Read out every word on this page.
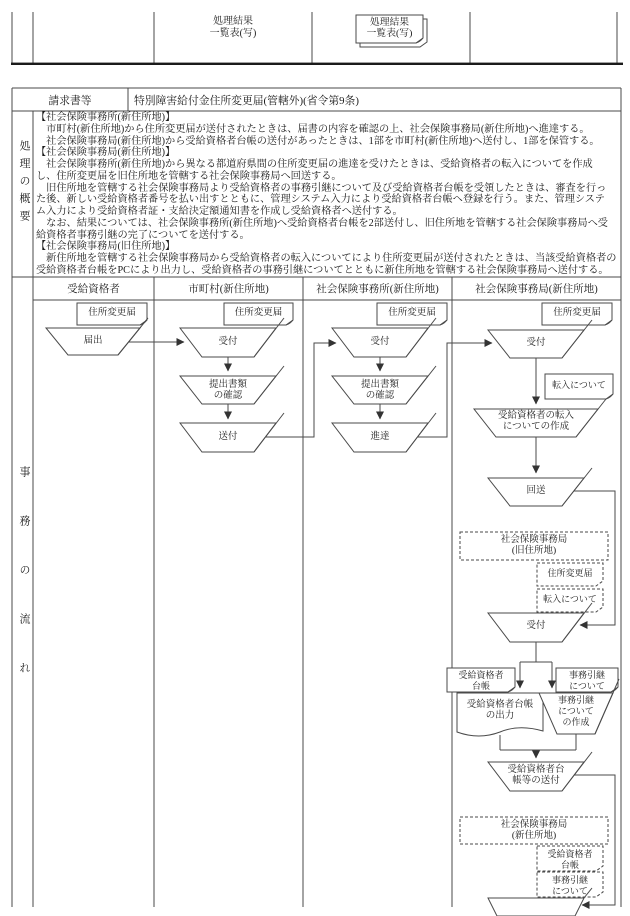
処理結果
一覧表(写)
処理結果
一覧表(写)
請求書等	特別障害給付金住所変更届(管轄外)(省令第9条)
処理の概要
【社会保険事務所(新住所地)】
　市町村(新住所地)から住所変更届が送付されたときは、届書の内容を確認の上、社会保険事務局(新住所地)へ進達する。
　社会保険事務局(新住所地)から受給資格者台帳の送付があったときは、1部を市町村(新住所地)へ送付し、1部を保管する。
【社会保険事務局(新住所地)】
　社会保険事務所(新住所地)から異なる都道府県間の住所変更届の進達を受けたときは、受給資格者の転入についてを作成
し、住所変更届を旧住所地を管轄する社会保険事務局へ回送する。
　旧住所地を管轄する社会保険事務局より受給資格者の事務引継について及び受給資格者台帳を受領したときは、審査を行っ
た後、新しい受給資格者番号を払い出すとともに、管理システム入力により受給資格者台帳へ登録を行う。また、管理システ
ム入力により受給資格者証・支給決定額通知書を作成し受給資格者へ送付する。
　なお、結果については、社会保険事務所(新住所地)へ受給資格者台帳を2部送付し、旧住所地を管轄する社会保険事務局へ受
給資格者事務引継の完了についてを送付する。
【社会保険事務局(旧住所地)】
　新住所地を管轄する社会保険事務局から受給資格者の転入についてにより住所変更届が送付されたときは、当該受給資格者の
受給資格者台帳をPCにより出力し、受給資格者の事務引継についてとともに新住所地を管轄する社会保険事務局へ送付する。
事務の流れ
受給資格者	市町村(新住所地)	社会保険事務所(新住所地)	社会保険事務局(新住所地)
住所変更届
届出
住所変更届
受付
提出書類
の確認
送付
住所変更届
受付
提出書類
の確認
進達
住所変更届
受付
転入について
受給資格者の転入
についての作成
回送
社会保険事務局
(旧住所地)
住所変更届
転入について
受付
受給資格者
台帳
事務引継
について
受給資格者台帳
の出力
事務引継
について
の作成
受給資格者台
帳等の送付
社会保険事務局
(新住所地)
受給資格者
台帳
事務引継
について
